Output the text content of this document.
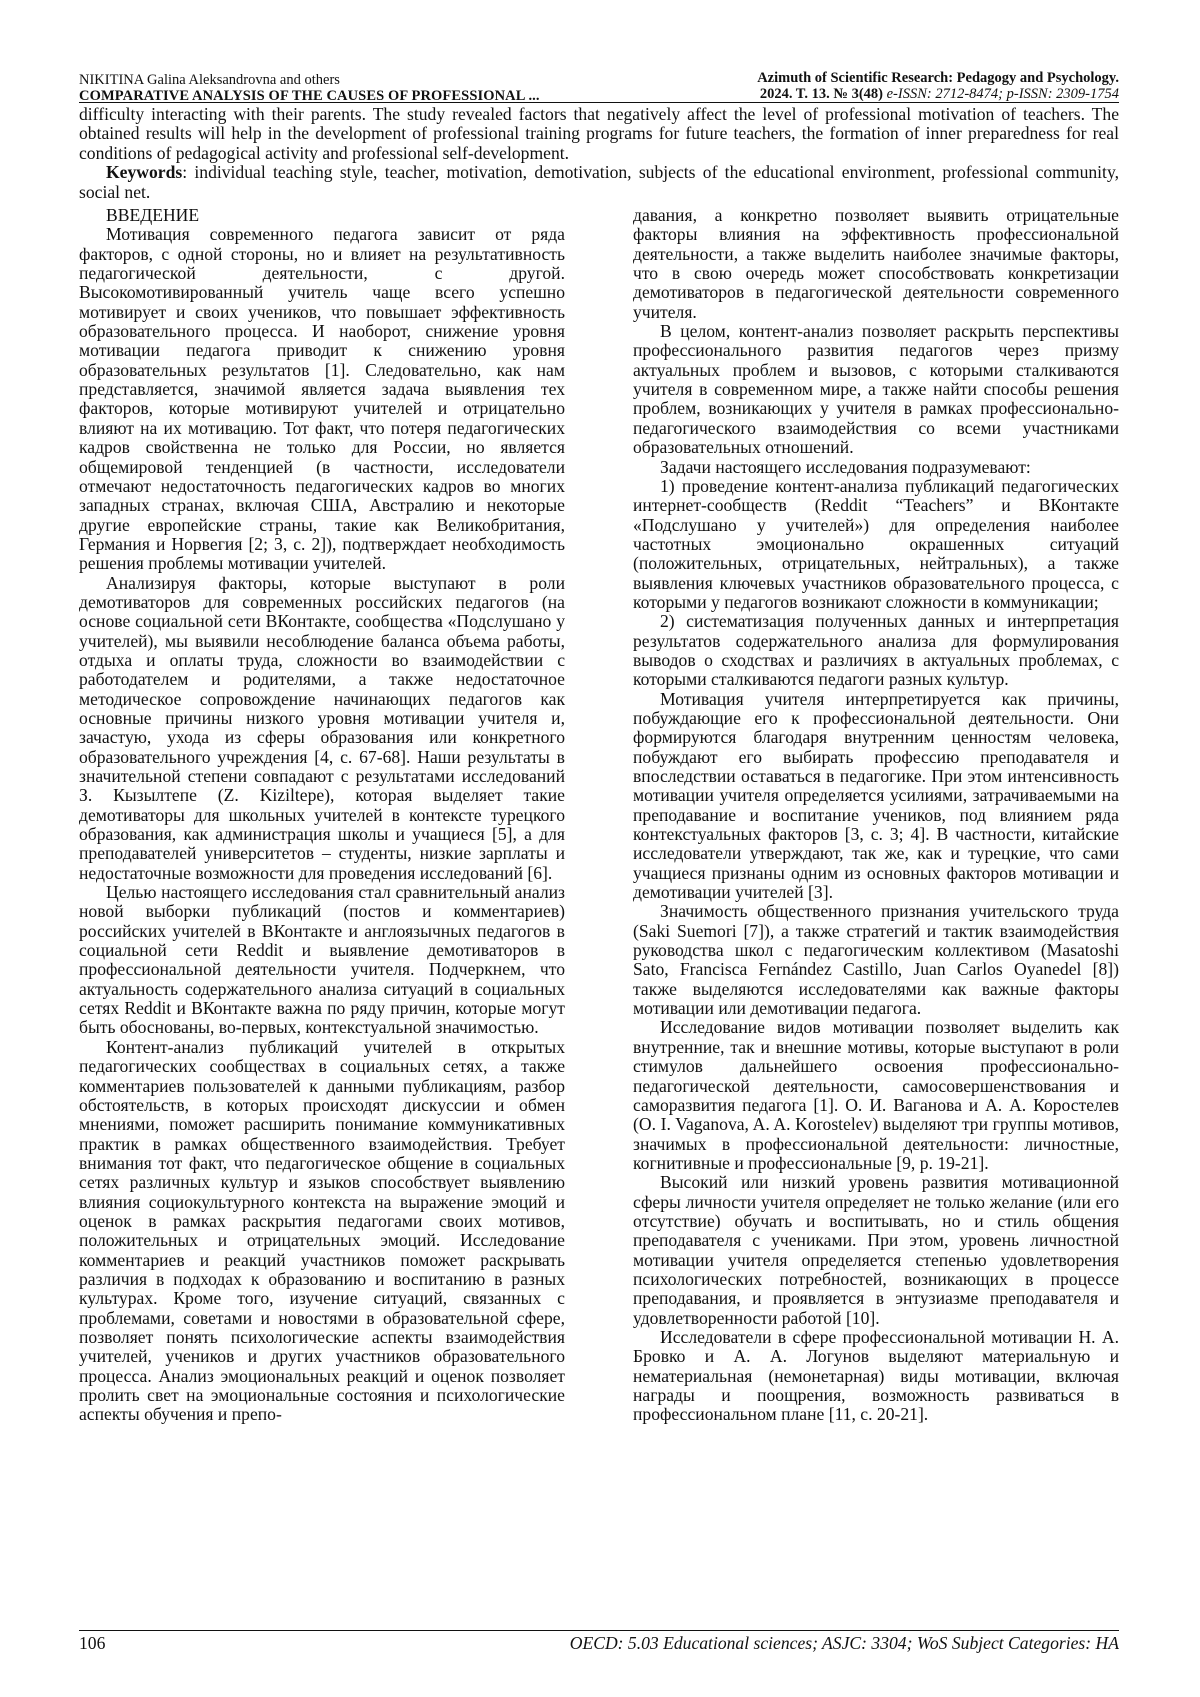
NIKITINA Galina Aleksandrovna and others
COMPARATIVE ANALYSIS OF THE CAUSES OF PROFESSIONAL ...
Azimuth of Scientific Research: Pedagogy and Psychology.
2024. T. 13. № 3(48) e-ISSN: 2712-8474; p-ISSN: 2309-1754

difficulty interacting with their parents. The study revealed factors that negatively affect the level of professional motivation of teachers. The obtained results will help in the development of professional training programs for future teachers, the formation of inner preparedness for real conditions of pedagogical activity and professional self-development.

Keywords: individual teaching style, teacher, motivation, demotivation, subjects of the educational environment, professional community, social net.

ВВЕДЕНИЕ

Мотивация современного педагога зависит от ряда факторов, с одной стороны, но и влияет на результативность педагогической деятельности, с другой. Высокомотивированный учитель чаще всего успешно мотивирует и своих учеников, что повышает эффективность образовательного процесса. И наоборот, снижение уровня мотивации педагога приводит к снижению уровня образовательных результатов [1]. Следовательно, как нам представляется, значимой является задача выявления тех факторов, которые мотивируют учителей и отрицательно влияют на их мотивацию. Тот факт, что потеря педагогических кадров свойственна не только для России, но является общемировой тенденцией (в частности, исследователи отмечают недостаточность педагогических кадров во многих западных странах, включая США, Австралию и некоторые другие европейские страны, такие как Великобритания, Германия и Норвегия [2; 3, с. 2]), подтверждает необходимость решения проблемы мотивации учителей.

Анализируя факторы, которые выступают в роли демотиваторов для современных российских педагогов (на основе социальной сети ВКонтакте, сообщества «Подслушано у учителей), мы выявили несоблюдение баланса объема работы, отдыха и оплаты труда, сложности во взаимодействии с работодателем и родителями, а также недостаточное методическое сопровождение начинающих педагогов как основные причины низкого уровня мотивации учителя и, зачастую, ухода из сферы образования или конкретного образовательного учреждения [4, с. 67-68]. Наши результаты в значительной степени совпадают с результатами исследований З. Кызылтепе (Z. Kiziltepe), которая выделяет такие демотиваторы для школьных учителей в контексте турецкого образования, как администрация школы и учащиеся [5], а для преподавателей университетов – студенты, низкие зарплаты и недостаточные возможности для проведения исследований [6].

Целью настоящего исследования стал сравнительный анализ новой выборки публикаций (постов и комментариев) российских учителей в ВКонтакте и англоязычных педагогов в социальной сети Reddit и выявление демотиваторов в профессиональной деятельности учителя. Подчеркнем, что актуальность содержательного анализа ситуаций в социальных сетях Reddit и ВКонтакте важна по ряду причин, которые могут быть обоснованы, во-первых, контекстуальной значимостью.

Контент-анализ публикаций учителей в открытых педагогических сообществах в социальных сетях, а также комментариев пользователей к данными публикациям, разбор обстоятельств, в которых происходят дискуссии и обмен мнениями, поможет расширить понимание коммуникативных практик в рамках общественного взаимодействия. Требует внимания тот факт, что педагогическое общение в социальных сетях различных культур и языков способствует выявлению влияния социокультурного контекста на выражение эмоций и оценок в рамках раскрытия педагогами своих мотивов, положительных и отрицательных эмоций. Исследование комментариев и реакций участников поможет раскрывать различия в подходах к образованию и воспитанию в разных культурах. Кроме того, изучение ситуаций, связанных с проблемами, советами и новостями в образовательной сфере, позволяет понять психологические аспекты взаимодействия учителей, учеников и других участников образовательного процесса. Анализ эмоциональных реакций и оценок позволяет пролить свет на эмоциональные состояния и психологические аспекты обучения и препо-

давания, а конкретно позволяет выявить отрицательные факторы влияния на эффективность профессиональной деятельности, а также выделить наиболее значимые факторы, что в свою очередь может способствовать конкретизации демотиваторов в педагогической деятельности современного учителя.

В целом, контент-анализ позволяет раскрыть перспективы профессионального развития педагогов через призму актуальных проблем и вызовов, с которыми сталкиваются учителя в современном мире, а также найти способы решения проблем, возникающих у учителя в рамках профессионально-педагогического взаимодействия со всеми участниками образовательных отношений.

Задачи настоящего исследования подразумевают:

1) проведение контент-анализа публикаций педагогических интернет-сообществ (Reddit “Teachers” и ВКонтакте «Подслушано у учителей») для определения наиболее частотных эмоционально окрашенных ситуаций (положительных, отрицательных, нейтральных), а также выявления ключевых участников образовательного процесса, с которыми у педагогов возникают сложности в коммуникации;

2) систематизация полученных данных и интерпретация результатов содержательного анализа для формулирования выводов о сходствах и различиях в актуальных проблемах, с которыми сталкиваются педагоги разных культур.

Мотивация учителя интерпретируется как причины, побуждающие его к профессиональной деятельности. Они формируются благодаря внутренним ценностям человека, побуждают его выбирать профессию преподавателя и впоследствии оставаться в педагогике. При этом интенсивность мотивации учителя определяется усилиями, затрачиваемыми на преподавание и воспитание учеников, под влиянием ряда контекстуальных факторов [3, с. 3; 4]. В частности, китайские исследователи утверждают, так же, как и турецкие, что сами учащиеся признаны одним из основных факторов мотивации и демотивации учителей [3].

Значимость общественного признания учительского труда (Saki Suemori [7]), а также стратегий и тактик взаимодействия руководства школ с педагогическим коллективом (Masatoshi Sato, Francisca Fernández Castillo, Juan Carlos Oyanedel [8]) также выделяются исследователями как важные факторы мотивации или демотивации педагога.

Исследование видов мотивации позволяет выделить как внутренние, так и внешние мотивы, которые выступают в роли стимулов дальнейшего освоения профессионально-педагогической деятельности, самосовершенствования и саморазвития педагога [1]. О. И. Ваганова и А. А. Коростелев (O. I. Vaganova, A. A. Korostelev) выделяют три группы мотивов, значимых в профессиональной деятельности: личностные, когнитивные и профессиональные [9, p. 19-21].

Высокий или низкий уровень развития мотивационной сферы личности учителя определяет не только желание (или его отсутствие) обучать и воспитывать, но и стиль общения преподавателя с учениками. При этом, уровень личностной мотивации учителя определяется степенью удовлетворения психологических потребностей, возникающих в процессе преподавания, и проявляется в энтузиазме преподавателя и удовлетворенности работой [10].

Исследователи в сфере профессиональной мотивации Н. А. Бровко и А. А. Логунов выделяют материальную и нематериальная (немонетарная) виды мотивации, включая награды и поощрения, возможность развиваться в профессиональном плане [11, с. 20-21].

106	OECD: 5.03 Educational sciences; ASJC: 3304; WoS Subject Categories: HA
